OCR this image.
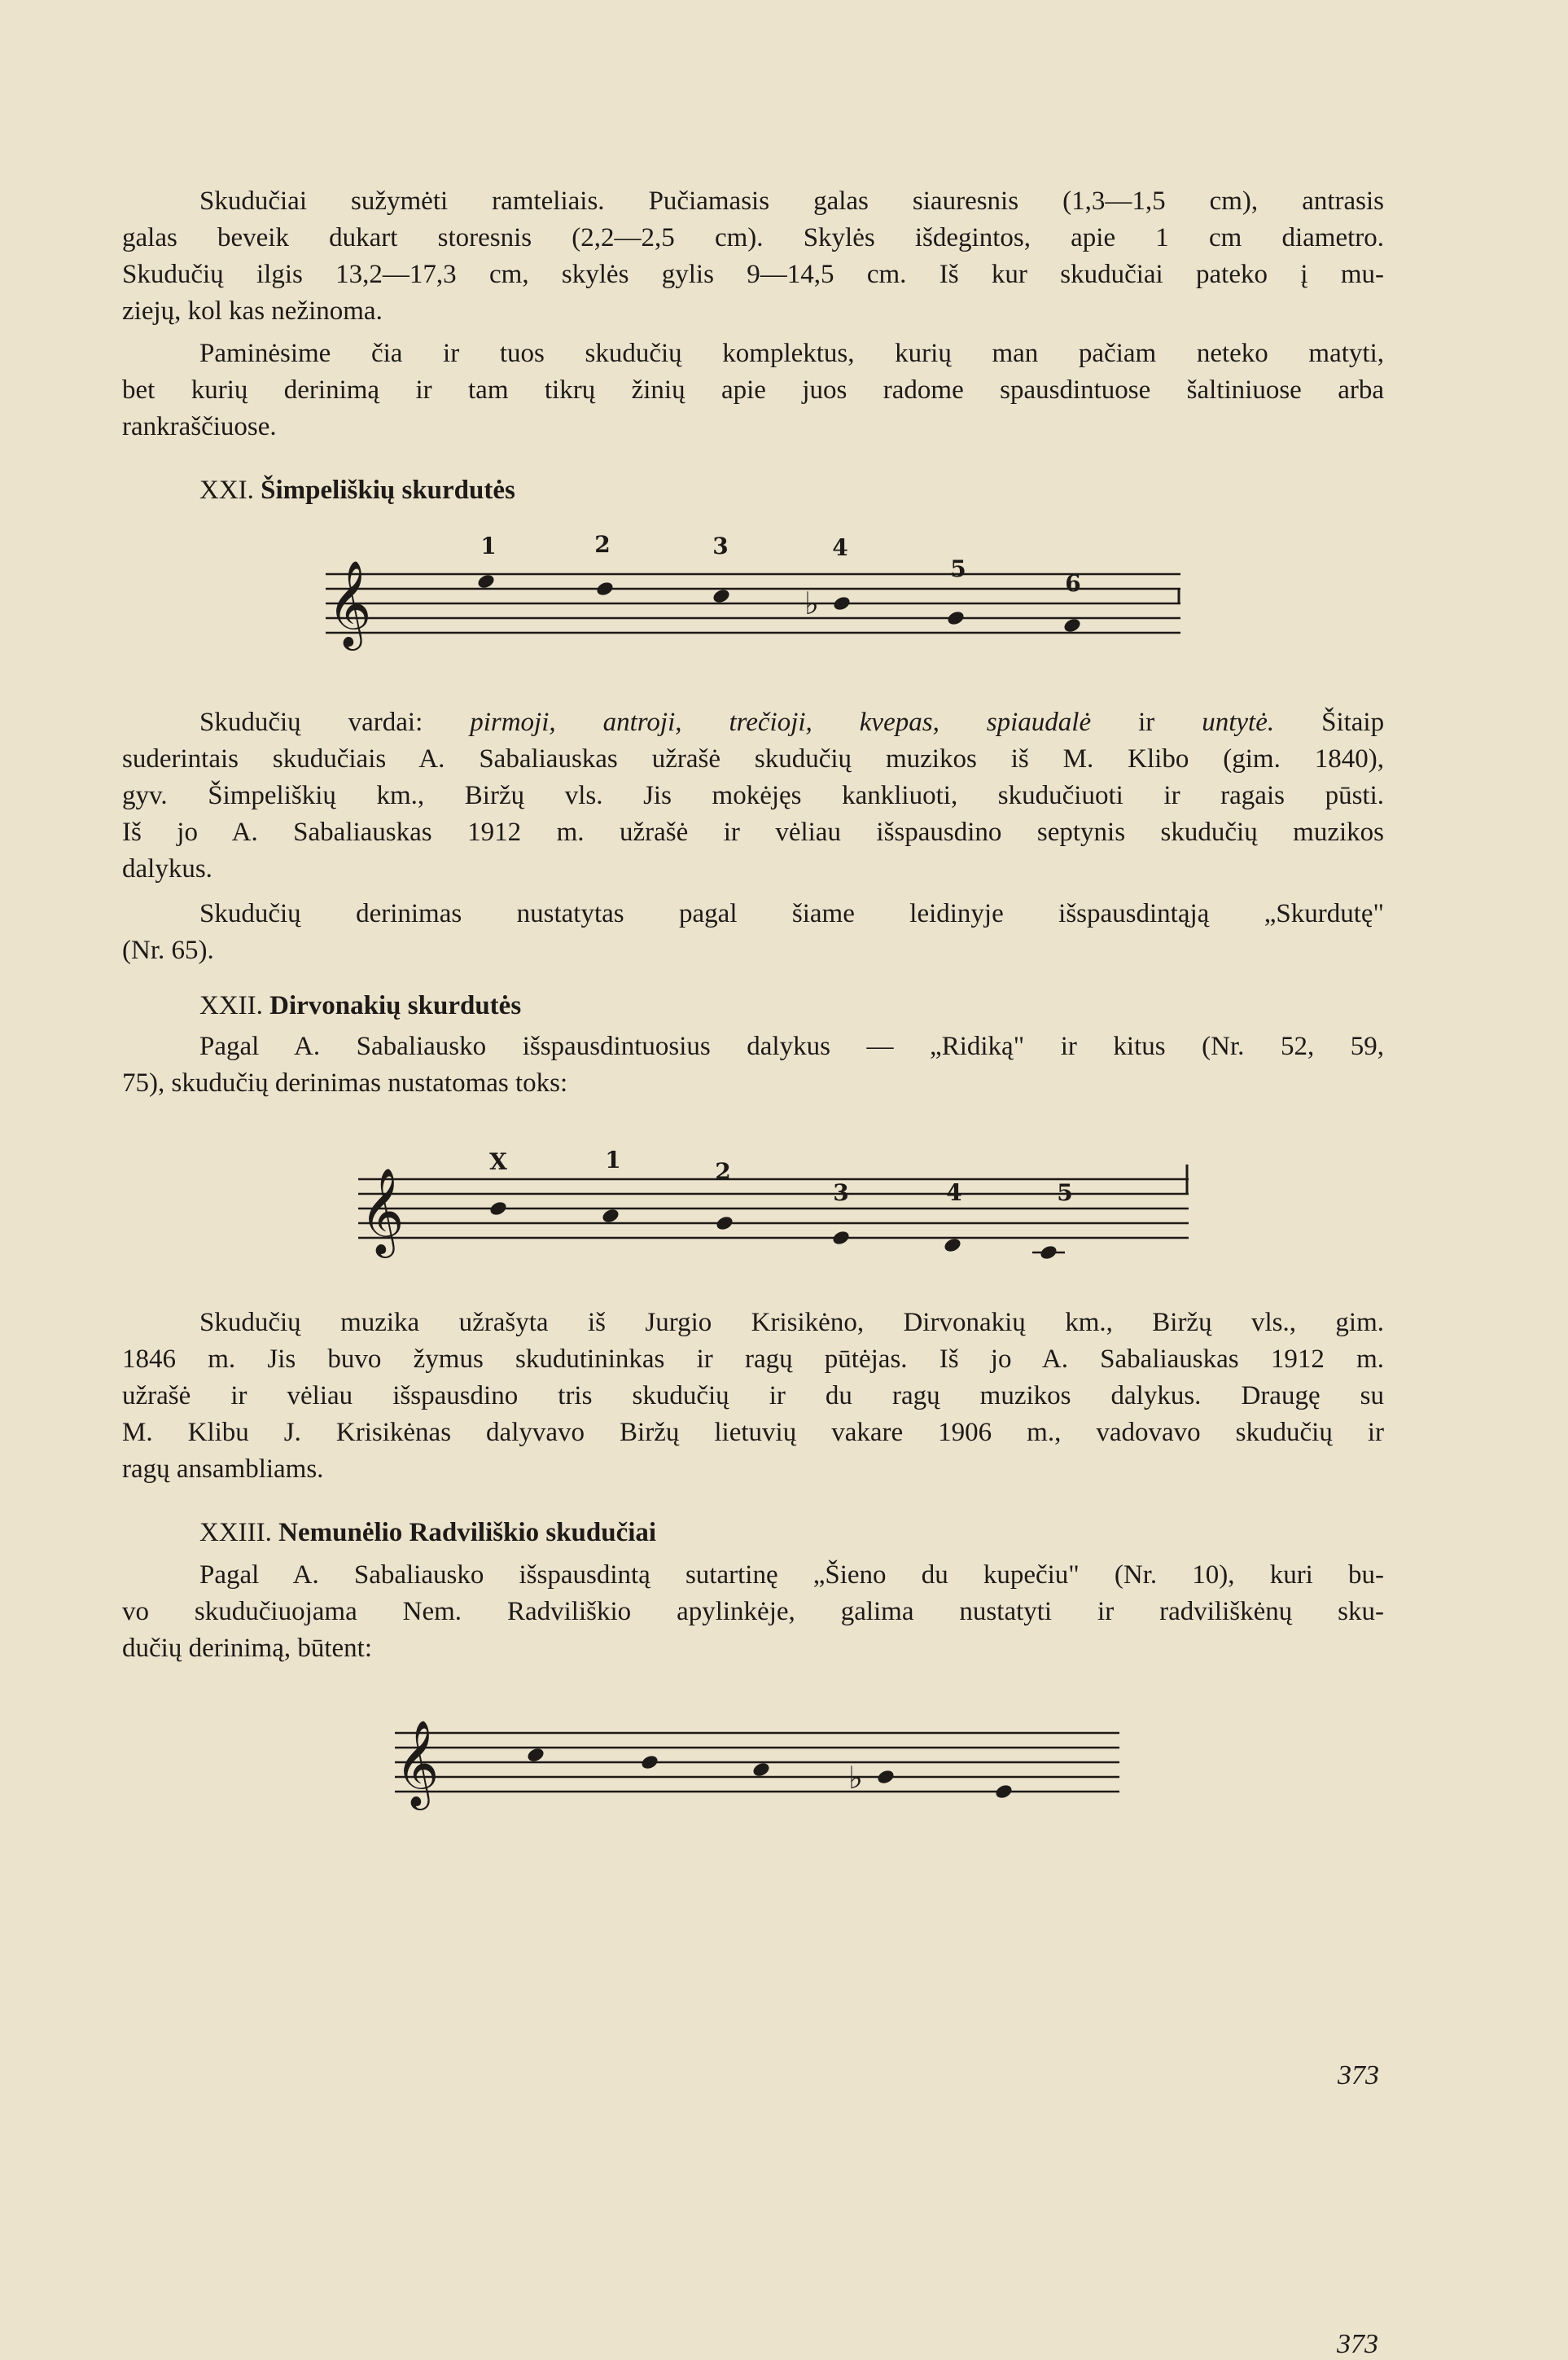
Skudučiai sužymėti ramteliais. Pučiamasis galas siauresnis (1,3—1,5 cm), antrasis
galas beveik dukart storesnis (2,2—2,5 cm). Skylės išdegintos, apie 1 cm diametro.
Skudučių ilgis 13,2—17,3 cm, skylės gylis 9—14,5 cm. Iš kur skudučiai pateko į mu-
ziejų, kol kas nežinoma.
Paminėsime čia ir tuos skudučių komplektus, kurių man pačiam neteko matyti,
bet kurių derinimą ir tam tikrų žinių apie juos radome spausdintuose šaltiniuose arba
rankraščiuose.
XXI. Šimpeliškių skurdutės
𝄞	♭
1	2	3	4
5
6
Skudučių vardai: pirmoji, antroji, trečioji, kvepas, spiaudalė ir untytė. Šitaip
suderintais skudučiais A. Sabaliauskas užrašė skudučių muzikos iš M. Klibo (gim. 1840),
gyv. Šimpeliškių km., Biržų vls. Jis mokėjęs kankliuoti, skudučiuoti ir ragais pūsti.
Iš jo A. Sabaliauskas 1912 m. užrašė ir vėliau išspausdino septynis skudučių muzikos
dalykus.
Skudučių derinimas nustatytas pagal šiame leidinyje išspausdintąją „Skurdutę"
(Nr. 65).
XXII. Dirvonakių skurdutės
Pagal A. Sabaliausko išspausdintuosius dalykus — „Ridiką" ir kitus (Nr. 52, 59,
75), skudučių derinimas nustatomas toks:
𝄞
X	1	2
3	4	5
Skudučių muzika užrašyta iš Jurgio Krisikėno, Dirvonakių km., Biržų vls., gim.
1846 m. Jis buvo žymus skudutininkas ir ragų pūtėjas. Iš jo A. Sabaliauskas 1912 m.
užrašė ir vėliau išspausdino tris skudučių ir du ragų muzikos dalykus. Draugę su
M. Klibu J. Krisikėnas dalyvavo Biržų lietuvių vakare 1906 m., vadovavo skudučių ir
ragų ansambliams.
XXIII. Nemunėlio Radviliškio skudučiai
Pagal A. Sabaliausko išspausdintą sutartinę „Šieno du kupečiu" (Nr. 10), kuri bu-
vo skudučiuojama Nem. Radviliškio apylinkėje, galima nustatyti ir radviliškėnų sku-
dučių derinimą, būtent:
𝄞	♭
373
373
